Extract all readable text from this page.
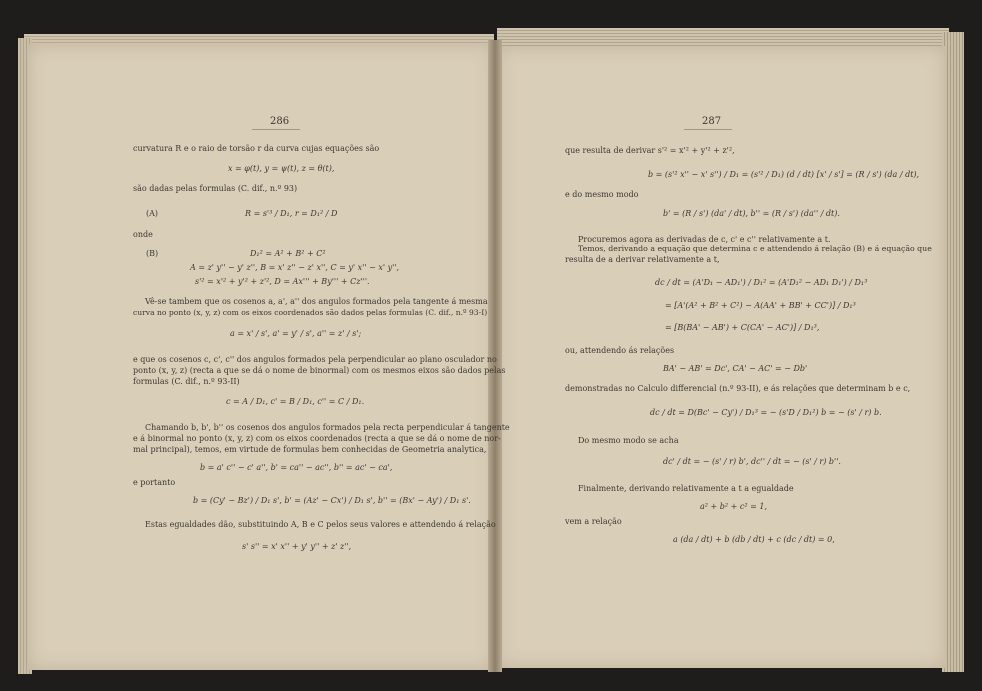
286
curvatura R e o raio de torsão r da curva cujas equações são
x = φ(t), y = ψ(t), z = θ(t),
são dadas pelas formulas (C. dif., n.º 93)
(A)	R = s'³ / D₁, r = D₁² / D
onde
(B)	D₁² = A² + B² + C²
A = z' y'' − y' z'', B = x' z'' − z' x'', C = y' x'' − x' y'',
s'² = x'² + y'² + z'², D = Ax''' + By''' + Cz'''.
Vê-se tambem que os cosenos a, a', a'' dos angulos formados pela tangente á mesma
curva no ponto (x, y, z) com os eixos coordenados são dados pelas formulas (C. dif., n.º 93-I)
a = x' / s', a' = y' / s', a'' = z' / s';
e que os cosenos c, c', c'' dos angulos formados pela perpendicular ao plano osculador no
ponto (x, y, z) (recta a que se dá o nome de binormal) com os mesmos eixos são dados pelas
formulas (C. dif., n.º 93-II)
c = A / D₁, c' = B / D₁, c'' = C / D₁.
Chamando b, b', b'' os cosenos dos angulos formados pela recta perpendicular á tangente
e á binormal no ponto (x, y, z) com os eixos coordenados (recta a que se dá o nome de nor-
mal principal), temos, em virtude de formulas bem conhecidas de Geometria analytica,
b = a' c'' − c' a'', b' = ca'' − ac'', b'' = ac' − ca',
e portanto
b = (Cy' − Bz') / D₁ s', b' = (Az' − Cx') / D₁ s', b'' = (Bx' − Ay') / D₁ s'.
Estas egualdades dão, substituindo A, B e C pelos seus valores e attendendo á relação
s' s'' = x' x'' + y' y'' + z' z'',
287
que resulta de derivar s'² = x'² + y'² + z'²,
b = (s'² x'' − x' s'') / D₁ = (s'² / D₁) (d / dt) [x' / s'] = (R / s') (da / dt),
e do mesmo modo
b' = (R / s') (da' / dt), b'' = (R / s') (da'' / dt).
Procuremos agora as derivadas de c, c' e c'' relativamente a t.
Temos, derivando a equação que determina c e attendendo á relação (B) e á equação que
resulta de a derivar relativamente a t,
dc / dt = (A'D₁ − AD₁') / D₁² = (A'D₁² − AD₁ D₁') / D₁³
= [A'(A² + B² + C²) − A(AA' + BB' + CC')] / D₁³
= [B(BA' − AB') + C(CA' − AC')] / D₁³,
ou, attendendo ás relações
BA' − AB' = Dc', CA' − AC' = − Db'
demonstradas no Calculo differencial (n.º 93-II), e ás relações que determinam b e c,
dc / dt = D(Bc' − Cy') / D₁³ = − (s'D / D₁²) b = − (s' / r) b.
Do mesmo modo se acha
dc' / dt = − (s' / r) b', dc'' / dt = − (s' / r) b''.
Finalmente, derivando relativamente a t a egualdade
a² + b² + c² = 1,
vem a relação
a (da / dt) + b (db / dt) + c (dc / dt) = 0,
